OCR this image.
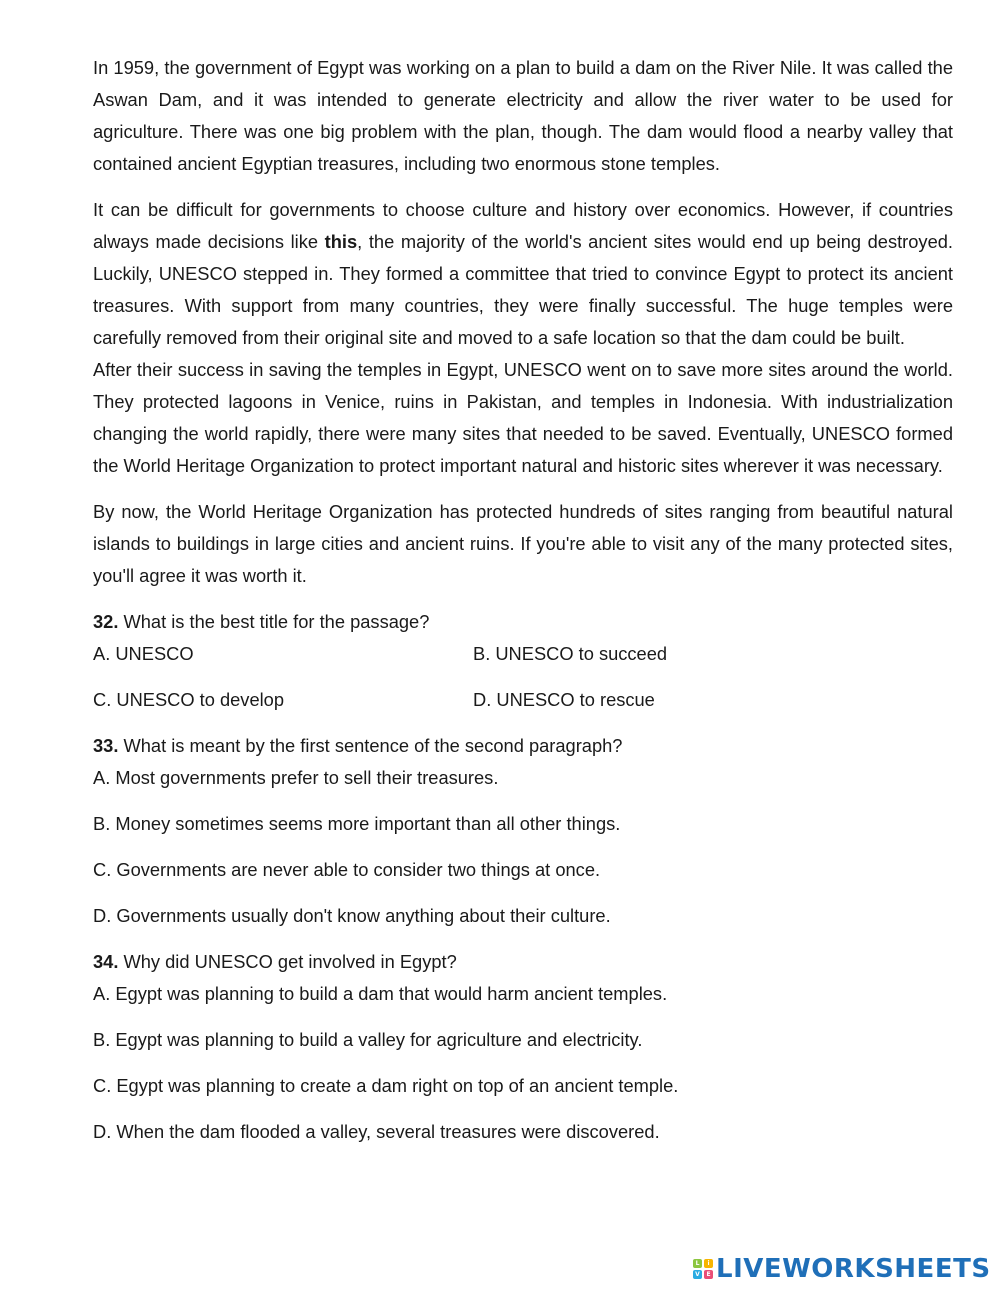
In 1959, the government of Egypt was working on a plan to build a dam on the River Nile. It was called the Aswan Dam, and it was intended to generate electricity and allow the river water to be used for agriculture. There was one big problem with the plan, though. The dam would flood a nearby valley that contained ancient Egyptian treasures, including two enormous stone temples.

It can be difficult for governments to choose culture and history over economics. However, if countries always made decisions like this, the majority of the world's ancient sites would end up being destroyed. Luckily, UNESCO stepped in. They formed a committee that tried to convince Egypt to protect its ancient treasures. With support from many countries, they were finally successful. The huge temples were carefully removed from their original site and moved to a safe location so that the dam could be built.

After their success in saving the temples in Egypt, UNESCO went on to save more sites around the world. They protected lagoons in Venice, ruins in Pakistan, and temples in Indonesia. With industrialization changing the world rapidly, there were many sites that needed to be saved. Eventually, UNESCO formed the World Heritage Organization to protect important natural and historic sites wherever it was necessary.

By now, the World Heritage Organization has protected hundreds of sites ranging from beautiful natural islands to buildings in large cities and ancient ruins. If you're able to visit any of the many protected sites, you'll agree it was worth it.

32. What is the best title for the passage?

A. UNESCO	B. UNESCO to succeed
C. UNESCO to develop	D. UNESCO to rescue

33. What is meant by the first sentence of the second paragraph?

A. Most governments prefer to sell their treasures.

B. Money sometimes seems more important than all other things.

C. Governments are never able to consider two things at once.

D. Governments usually don't know anything about their culture.

34. Why did UNESCO get involved in Egypt?

A. Egypt was planning to build a dam that would harm ancient temples.

B. Egypt was planning to build a valley for agriculture and electricity.

C. Egypt was planning to create a dam right on top of an ancient temple.

D. When the dam flooded a valley, several treasures were discovered.

L	i
V	E LIVEWORKSHEETS
